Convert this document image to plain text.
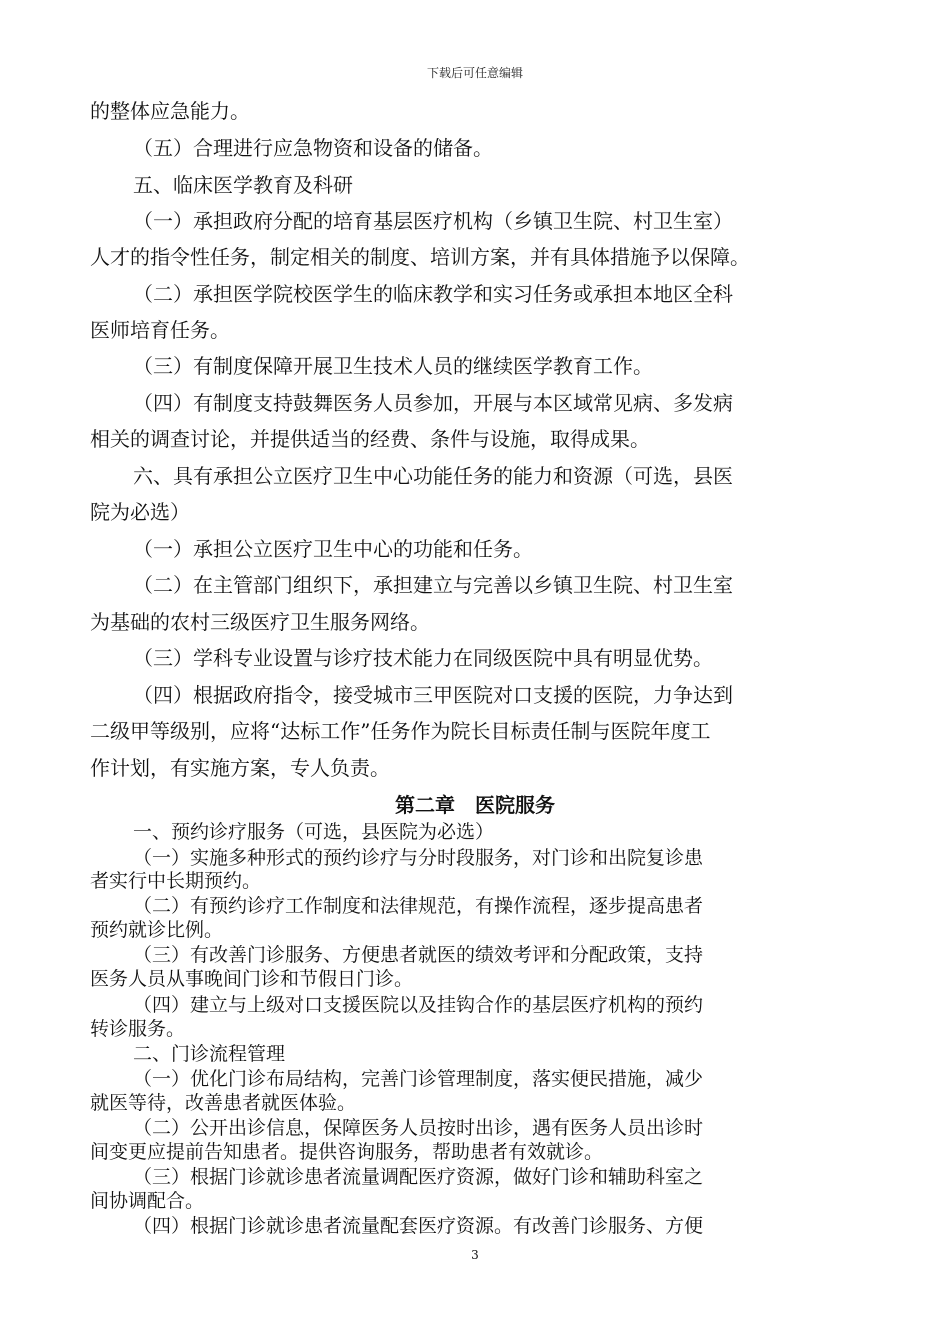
下载后可任意编辑
的整体应急能力。
（五）合理进行应急物资和设备的储备。
五、临床医学教育及科研
（一）承担政府分配的培育基层医疗机构（乡镇卫生院、村卫生室）
人才的指令性任务，制定相关的制度、培训方案，并有具体措施予以保障。
（二）承担医学院校医学生的临床教学和实习任务或承担本地区全科
医师培育任务。
（三）有制度保障开展卫生技术人员的继续医学教育工作。
（四）有制度支持鼓舞医务人员参加，开展与本区域常见病、多发病
相关的调查讨论，并提供适当的经费、条件与设施，取得成果。
六、具有承担公立医疗卫生中心功能任务的能力和资源（可选，县医
院为必选）
（一）承担公立医疗卫生中心的功能和任务。
（二）在主管部门组织下，承担建立与完善以乡镇卫生院、村卫生室
为基础的农村三级医疗卫生服务网络。
（三）学科专业设置与诊疗技术能力在同级医院中具有明显优势。
（四）根据政府指令，接受城市三甲医院对口支援的医院，力争达到
二级甲等级别，应将“达标工作”任务作为院长目标责任制与医院年度工
作计划，有实施方案，专人负责。
第二章　医院服务
一、预约诊疗服务（可选，县医院为必选）
（一）实施多种形式的预约诊疗与分时段服务，对门诊和出院复诊患
者实行中长期预约。
（二）有预约诊疗工作制度和法律规范，有操作流程，逐步提高患者
预约就诊比例。
（三）有改善门诊服务、方便患者就医的绩效考评和分配政策，支持
医务人员从事晚间门诊和节假日门诊。
（四）建立与上级对口支援医院以及挂钩合作的基层医疗机构的预约
转诊服务。
二、门诊流程管理
（一）优化门诊布局结构，完善门诊管理制度，落实便民措施，减少
就医等待，改善患者就医体验。
（二）公开出诊信息，保障医务人员按时出诊，遇有医务人员出诊时
间变更应提前告知患者。提供咨询服务，帮助患者有效就诊。
（三）根据门诊就诊患者流量调配医疗资源，做好门诊和辅助科室之
间协调配合。
（四）根据门诊就诊患者流量配套医疗资源。有改善门诊服务、方便
3
